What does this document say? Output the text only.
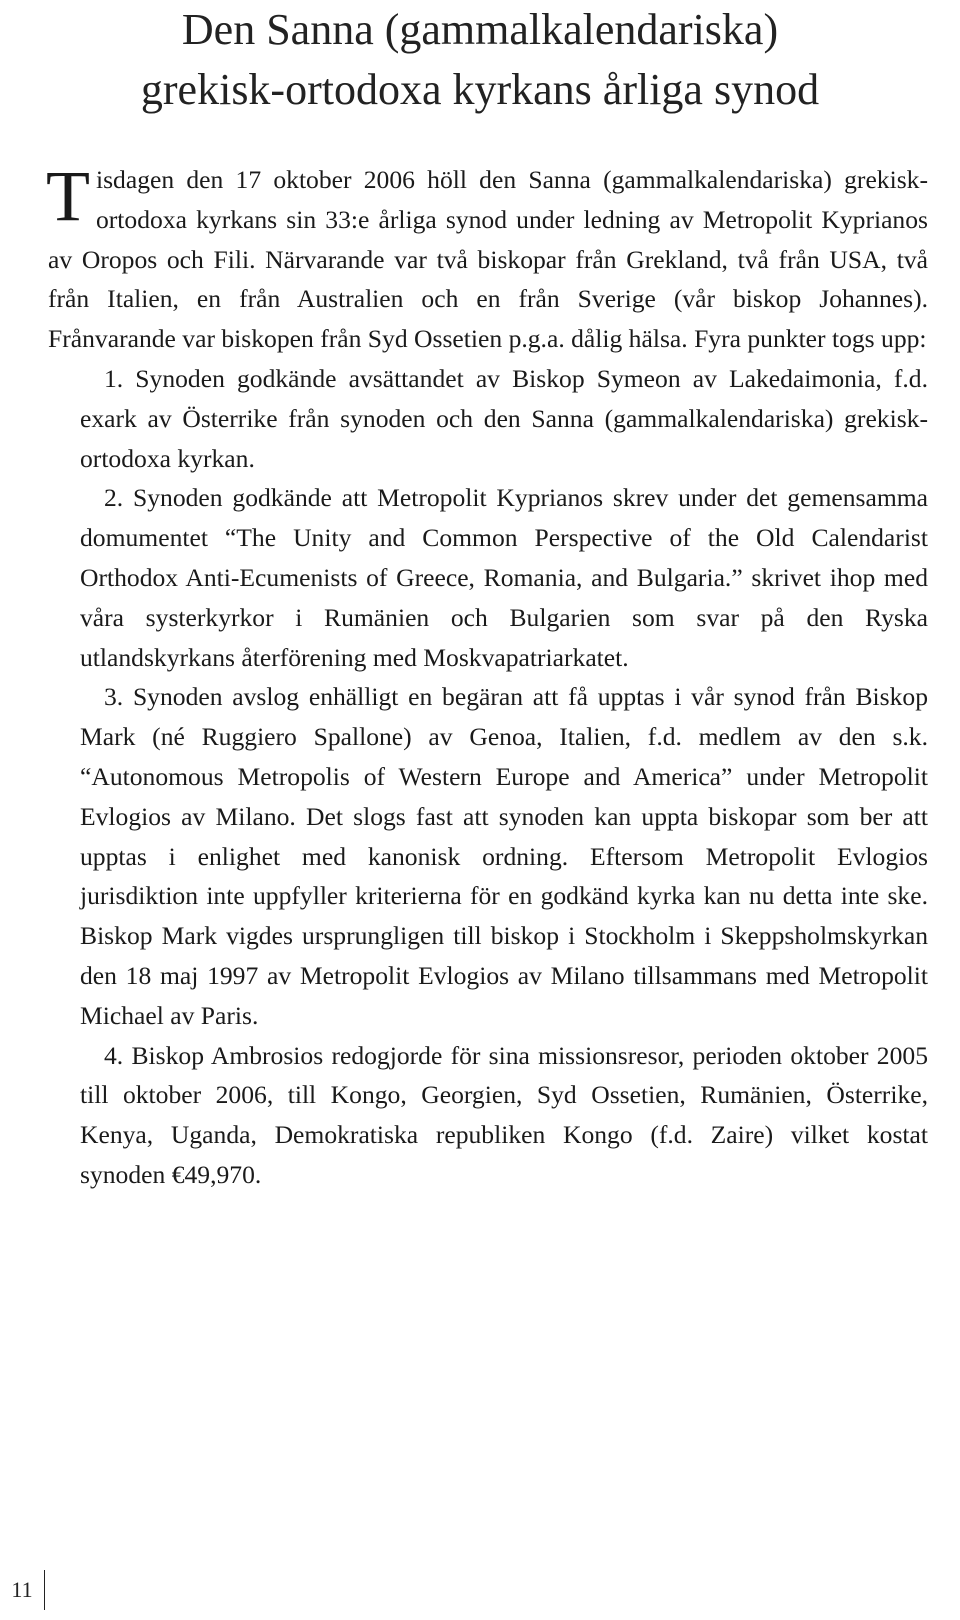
Den Sanna (gammalkalendariska)
grekisk-ortodoxa kyrkans årliga synod

Tisdagen den 17 oktober 2006 höll den Sanna (gammalkalendariska) grekisk-ortodoxa kyrkans sin 33:e årliga synod under ledning av Metropolit Kyprianos av Oropos och Fili. Närvarande var två biskopar från Grekland, två från USA, två från Italien, en från Australien och en från Sverige (vår biskop Johannes). Frånvarande var biskopen från Syd Ossetien p.g.a. dålig hälsa. Fyra punkter togs upp:

1. Synoden godkände avsättandet av Biskop Symeon av Lakedaimonia, f.d. exark av Österrike från synoden och den Sanna (gammalkalendariska) grekisk-ortodoxa kyrkan.

2. Synoden godkände att Metropolit Kyprianos skrev under det gemensamma domumentet “The Unity and Common Perspective of the Old Calendarist Orthodox Anti-Ecumenists of Greece, Romania, and Bulgaria.” skrivet ihop med våra systerkyrkor i Rumänien och Bulgarien som svar på den Ryska utlandskyrkans återförening med Moskvapatriarkatet.

3. Synoden avslog enhälligt en begäran att få upptas i vår synod från Biskop Mark (né Ruggiero Spallone) av Genoa, Italien, f.d. medlem av den s.k. “Autonomous Metropolis of Western Europe and America” under Metropolit Evlogios av Milano. Det slogs fast att synoden kan uppta biskopar som ber att upptas i enlighet med kanonisk ordning. Eftersom Metropolit Evlogios jurisdiktion inte uppfyller kriterierna för en godkänd kyrka kan nu detta inte ske. Biskop Mark vigdes ursprungligen till biskop i Stockholm i Skeppsholmskyrkan den 18 maj 1997 av Metropolit Evlogios av Milano tillsammans med Metropolit Michael av Paris.

4. Biskop Ambrosios redogjorde för sina missionsresor, perioden oktober 2005 till oktober 2006, till Kongo, Georgien, Syd Ossetien, Rumänien, Österrike, Kenya, Uganda, Demokratiska republiken Kongo (f.d. Zaire) vilket kostat synoden €49,970.

11
